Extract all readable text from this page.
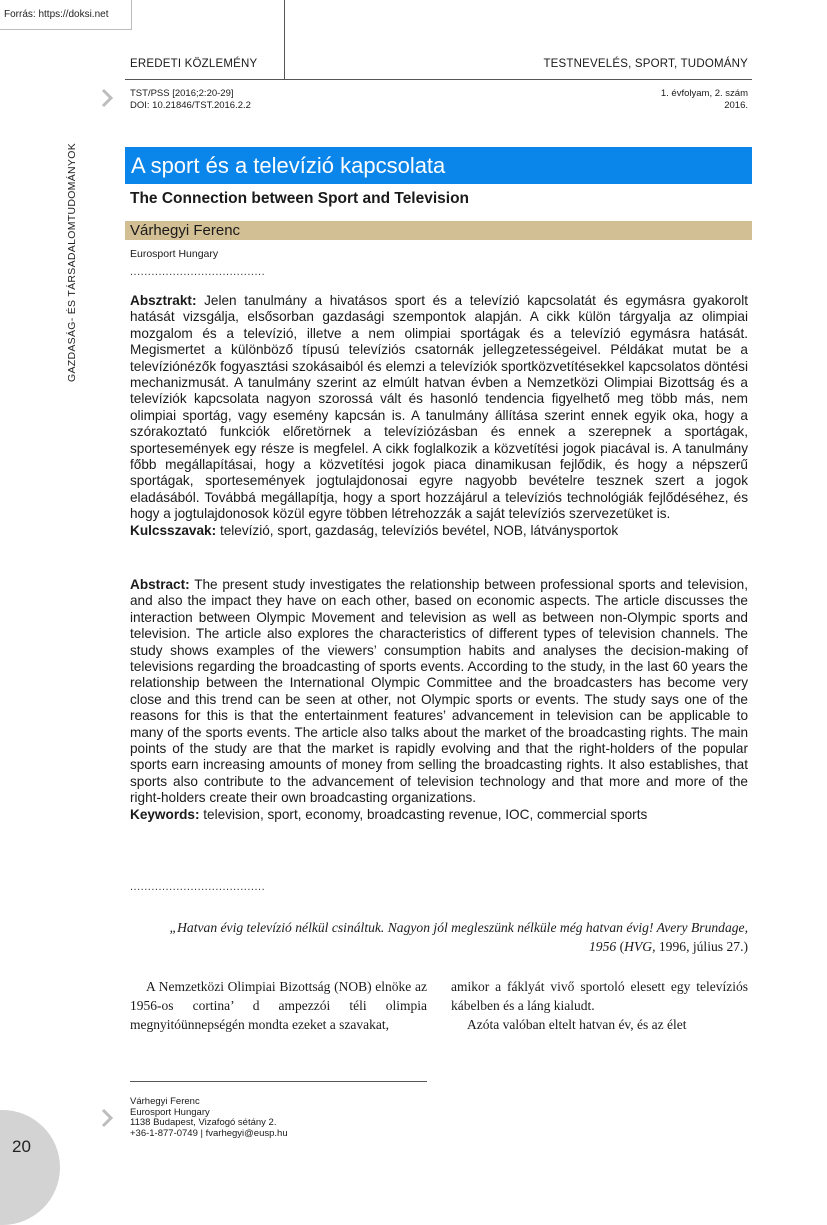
Forrás: https://doksi.net
EREDETI KÖZLEMÉNY	TESTNEVELÉS, SPORT, TUDOMÁNY
TST/PSS [2016;2:20-29]
DOI: 10.21846/TST.2016.2.2
1. évfolyam, 2. szám
2016.
GAZDASÁG- ÉS TÁRSADALOMTUDOMÁNYOK A sport és a televízió kapcsolata
The Connection between Sport and Television
Várhegyi Ferenc
Eurosport Hungary
......................................
Absztrakt: Jelen tanulmány a hivatásos sport és a televízió kapcsolatát és egymásra gyakorolt hatását vizsgálja, elsősorban gazdasági szempontok alapján. A cikk külön tárgyalja az olimpiai mozgalom és a televízió, illetve a nem olimpiai sportágak és a televízió egymásra hatását. Megismertet a különböző típusú televíziós csatornák jellegzetességeivel. Példákat mutat be a televíziónézők fogyasztási szokásaiból és elemzi a televíziók sportközvetítésekkel kapcsolatos döntési mechanizmusát. A tanulmány szerint az elmúlt hatvan évben a Nemzetközi Olimpiai Bizottság és a televíziók kapcsolata nagyon szorossá vált és hasonló tendencia figyelhető meg több más, nem olimpiai sportág, vagy esemény kapcsán is. A tanulmány állítása szerint ennek egyik oka, hogy a szórakoztató funkciók előretörnek a televíziózásban és ennek a szerepnek a sportágak, sportesemények egy része is megfelel. A cikk foglalkozik a közvetítési jogok piacával is. A tanulmány főbb megállapításai, hogy a közvetítési jogok piaca dinamikusan fejlődik, és hogy a népszerű sportágak, sportesemények jogtulajdonosai egyre nagyobb bevételre tesznek szert a jogok eladásából. Továbbá megállapítja, hogy a sport hozzájárul a televíziós technológiák fejlődéséhez, és hogy a jogtulajdonosok közül egyre többen létrehozzák a saját televíziós szervezetüket is.
Kulcsszavak: televízió, sport, gazdaság, televíziós bevétel, NOB, látványsportok
Abstract: The present study investigates the relationship between professional sports and television, and also the impact they have on each other, based on economic aspects. The article discusses the interaction between Olympic Movement and television as well as between non-Olympic sports and television. The article also explores the characteristics of different types of television channels. The study shows examples of the viewers’ consumption habits and analyses the decision-making of televisions regarding the broadcasting of sports events. According to the study, in the last 60 years the relationship between the International Olympic Committee and the broadcasters has become very close and this trend can be seen at other, not Olympic sports or events. The study says one of the reasons for this is that the entertainment features’ advancement in television can be applicable to many of the sports events. The article also talks about the market of the broadcasting rights. The main points of the study are that the market is rapidly evolving and that the right-holders of the popular sports earn increasing amounts of money from selling the broadcasting rights. It also establishes, that sports also contribute to the advancement of television technology and that more and more of the right-holders create their own broadcasting organizations.
Keywords: television, sport, economy, broadcasting revenue, IOC, commercial sports
......................................
„Hatvan évig televízió nélkül csináltuk. Nagyon jól megleszünk nélküle még hatvan évig! Avery Brundage,
1956 (HVG, 1996, július 27.)

A Nemzetközi Olimpiai Bizottság (NOB) elnöke az 1956-os cortina’ d ampezzói téli olimpia megnyitóünnepségén mondta ezeket a szavakat,

amikor a fáklyát vivő sportoló elesett egy televíziós kábelben és a láng kialudt.

Azóta valóban eltelt hatvan év, és az élet

Várhegyi Ferenc
Eurosport Hungary
1138 Budapest, Vizafogó sétány 2.
+36-1-877-0749 | fvarhegyi@eusp.hu
20
